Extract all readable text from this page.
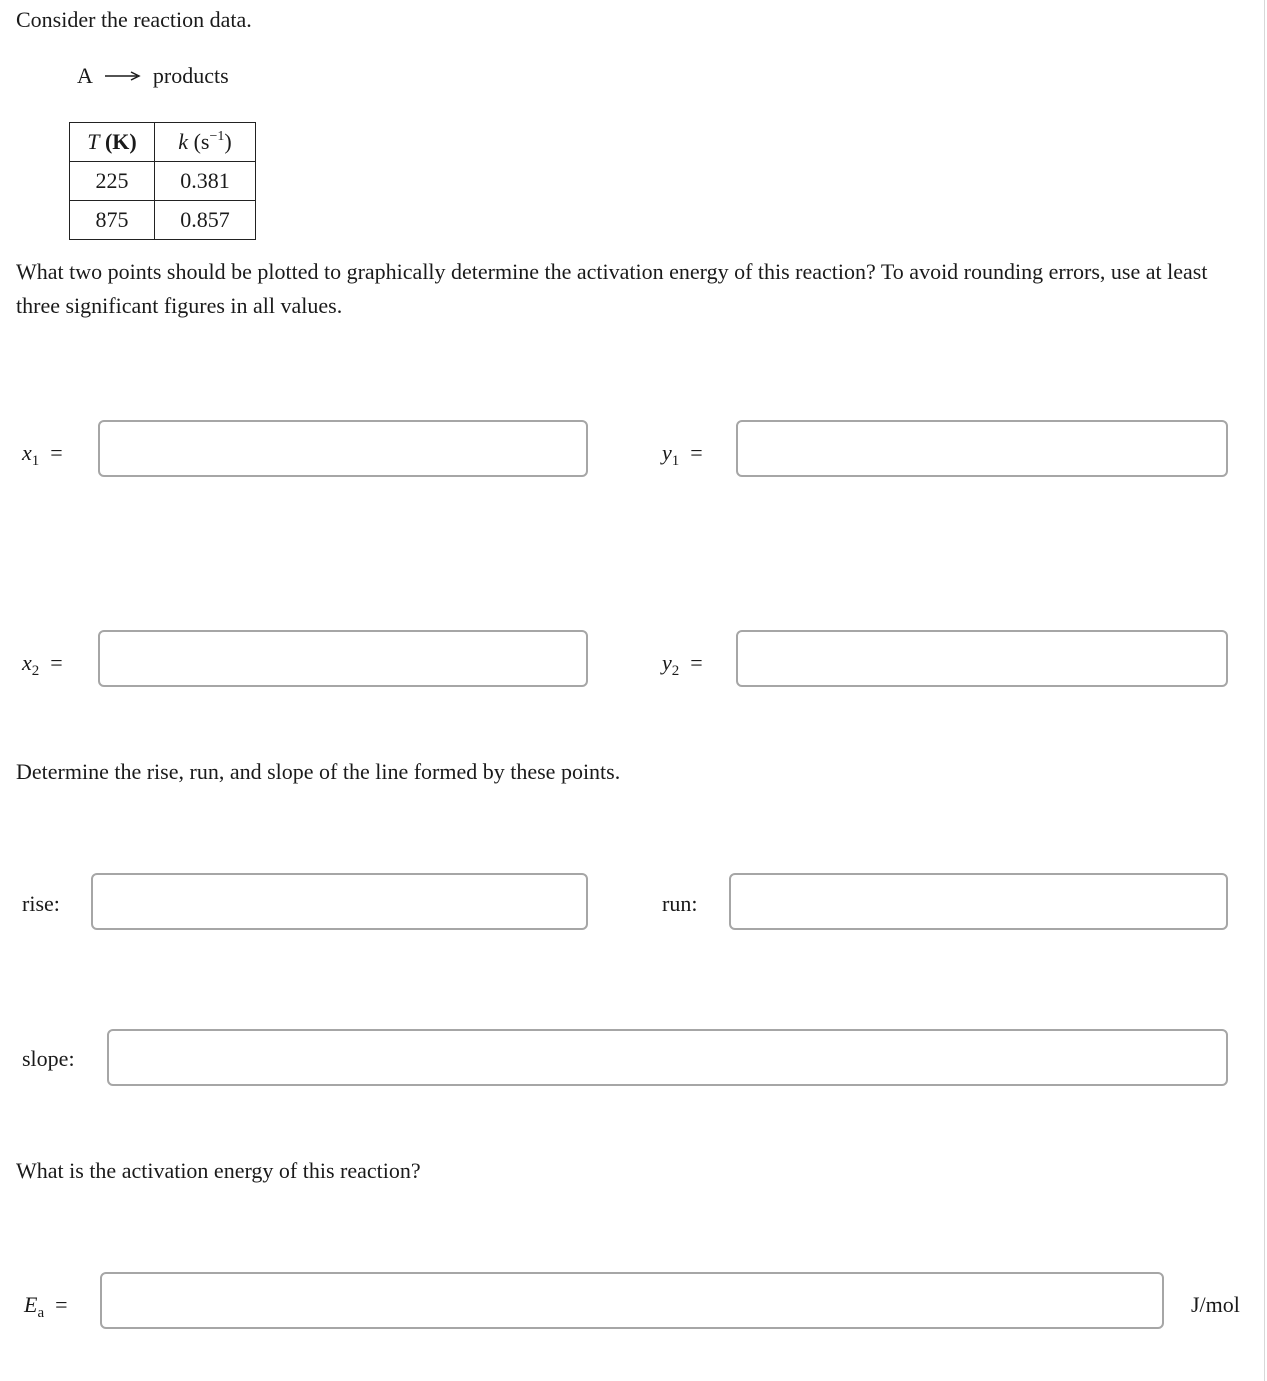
Consider the reaction data.
A	products
T (K)	k $(s^{-1})$
225	0.381
875	0.857
What two points should be plotted to graphically determine the activation energy of this reaction? To avoid rounding errors, use at least three significant figures in all values.
$x_1$ =	$y_1$ =
$x_2$ =	$y_2$ =
Determine the rise, run, and slope of the line formed by these points.
rise:	run:
slope:
What is the activation energy of this reaction?
$E_a$ =	J/mol
